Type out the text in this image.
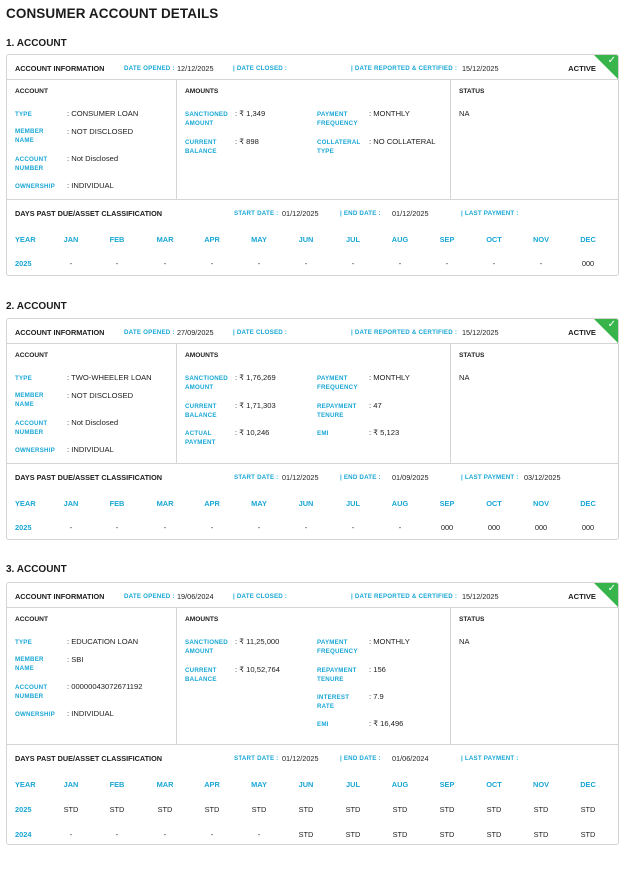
CONSUMER ACCOUNT DETAILS
1. ACCOUNT
ACCOUNT INFORMATION	DATE OPENED : 12/12/2025	| DATE CLOSED :	| DATE REPORTED & CERTIFIED : 15/12/2025	ACTIVE
✓
ACCOUNT
TYPE	: CONSUMER LOAN
MEMBER NAME
: NOT DISCLOSED
ACCOUNT NUMBER
: Not Disclosed
OWNERSHIP : INDIVIDUAL
AMOUNTS
SANCTIONED AMOUNT
: ₹ 1,349
CURRENT BALANCE
: ₹ 898
PAYMENT FREQUENCY
: MONTHLY
COLLATERAL TYPE
: NO COLLATERAL
STATUS
NA
DAYS PAST DUE/ASSET CLASSIFICATION	START DATE : 01/12/2025	| END DATE : 01/12/2025	| LAST PAYMENT :
YEAR	JAN	FEB	MAR	APR	MAY	JUN	JUL	AUG	SEP	OCT	NOV	DEC
2025	-	-	-	-	-	-	-	-	-	-	-	000
2. ACCOUNT
ACCOUNT INFORMATION	DATE OPENED : 27/09/2025	| DATE CLOSED :	| DATE REPORTED & CERTIFIED : 15/12/2025	ACTIVE
✓
ACCOUNT
TYPE	: TWO-WHEELER LOAN
MEMBER NAME
: NOT DISCLOSED
ACCOUNT NUMBER
: Not Disclosed
OWNERSHIP : INDIVIDUAL
AMOUNTS
SANCTIONED AMOUNT
: ₹ 1,76,269
CURRENT BALANCE
: ₹ 1,71,303
ACTUAL PAYMENT
: ₹ 10,246
PAYMENT FREQUENCY
: MONTHLY
REPAYMENT TENURE
: 47
EMI	: ₹ 5,123
STATUS
NA
DAYS PAST DUE/ASSET CLASSIFICATION	START DATE : 01/12/2025	| END DATE : 01/09/2025	| LAST PAYMENT : 03/12/2025
YEAR	JAN	FEB	MAR	APR	MAY	JUN	JUL	AUG	SEP	OCT	NOV	DEC
2025	-	-	-	-	-	-	-	-	000	000	000	000
3. ACCOUNT
ACCOUNT INFORMATION	DATE OPENED : 19/06/2024	| DATE CLOSED :	| DATE REPORTED & CERTIFIED : 15/12/2025	ACTIVE
✓
ACCOUNT
TYPE	: EDUCATION LOAN
MEMBER NAME
: SBI
ACCOUNT NUMBER
: 00000043072671192
OWNERSHIP : INDIVIDUAL
AMOUNTS
SANCTIONED AMOUNT
: ₹ 11,25,000
CURRENT BALANCE
: ₹ 10,52,764
PAYMENT FREQUENCY
: MONTHLY
REPAYMENT TENURE
: 156
INTEREST RATE
: 7.9
EMI	: ₹ 16,496
STATUS
NA
DAYS PAST DUE/ASSET CLASSIFICATION	START DATE : 01/12/2025	| END DATE : 01/06/2024	| LAST PAYMENT :
YEAR	JAN	FEB	MAR	APR	MAY	JUN	JUL	AUG	SEP	OCT	NOV	DEC
2025	STD	STD	STD	STD	STD	STD	STD	STD	STD	STD	STD	STD
2024	-	-	-	-	-	STD	STD	STD	STD	STD	STD	STD
